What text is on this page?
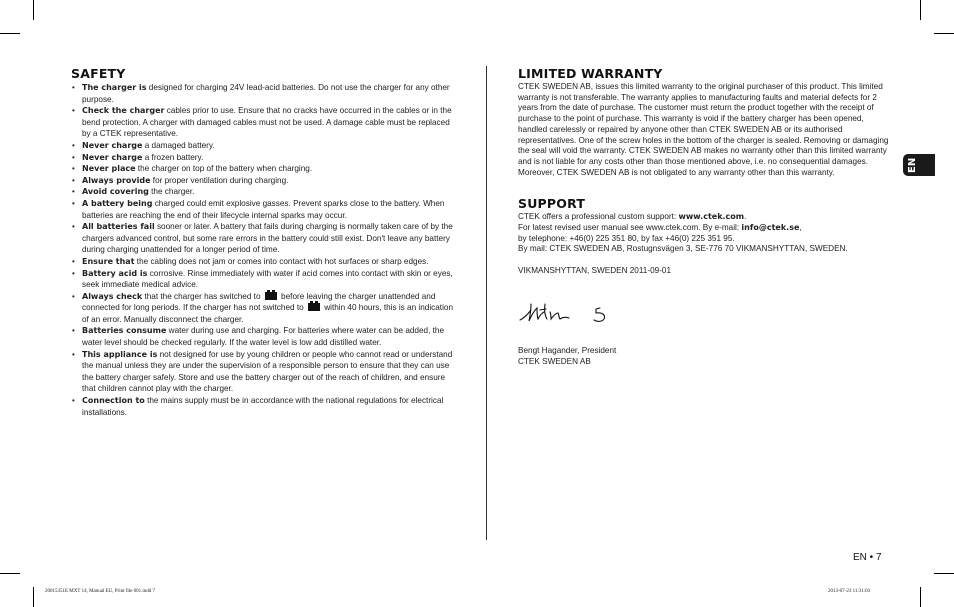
SAFETY
• The charger is designed for charging 24V lead-acid batteries. Do not use the charger for any other purpose.
• Check the charger cables prior to use. Ensure that no cracks have occurred in the cables or in the bend protection. A charger with damaged cables must not be used. A damage cable must be replaced by a CTEK representative.
• Never charge a damaged battery.
• Never charge a frozen battery.
• Never place the charger on top of the battery when charging.
• Always provide for proper ventilation during charging.
• Avoid covering the charger.
• A battery being charged could emit explosive gasses. Prevent sparks close to the battery. When batteries are reaching the end of their lifecycle internal sparks may occur.
• All batteries fail sooner or later. A battery that fails during charging is normally taken care of by the chargers advanced control, but some rare errors in the battery could still exist. Don't leave any battery during charging unattended for a longer period of time.
• Ensure that the cabling does not jam or comes into contact with hot surfaces or sharp edges.
• Battery acid is corrosive. Rinse immediately with water if acid comes into contact with skin or eyes, seek immediate medical advice.
• Always check that the charger has switched to  before leaving the charger unattended and connected for long periods. If the charger has not switched to  within 40 hours, this is an indication of an error. Manually disconnect the charger.
• Batteries consume water during use and charging. For batteries where water can be added, the water level should be checked regularly. If the water level is low add distilled water.
• This appliance is not designed for use by young children or people who cannot read or understand the manual unless they are under the supervision of a responsible person to ensure that they can use the battery charger safely. Store and use the battery charger out of the reach of children, and ensure that children cannot play with the charger.
• Connection to the mains supply must be in accordance with the national regulations for electrical installations.
LIMITED WARRANTY

CTEK SWEDEN AB, issues this limited warranty to the original purchaser of this product. This limited warranty is not transferable. The warranty applies to manufacturing faults and material defects for 2 years from the date of purchase. The customer must return the product together with the receipt of purchase to the point of purchase. This warranty is void if the battery charger has been opened, handled carelessly or repaired by anyone other than CTEK SWEDEN AB or its authorised representatives. One of the screw holes in the bottom of the charger is sealed. Removing or damaging the seal will void the warranty. CTEK SWEDEN AB makes no warranty other than this limited warranty and is not liable for any costs other than those mentioned above, i.e. no consequential damages. Moreover, CTEK SWEDEN AB is not obligated to any warranty other than this warranty.

SUPPORT

CTEK offers a professional custom support: www.ctek.com.

For latest revised user manual see www.ctek.com. By e-mail: info@ctek.se,

by telephone: +46(0) 225 351 80, by fax +46(0) 225 351 95.

By mail: CTEK SWEDEN AB, Rostugnsvägen 3, SE-776 70 VIKMANSHYTTAN, SWEDEN.

VIKMANSHYTTAN, SWEDEN 2011-09-01

Bengt Hagander, President

CTEK SWEDEN AB

EN
EN • 7
20015351E MXT 14, Manual EU, Print file 001.indd 7	2013-07-23 11:31:03
